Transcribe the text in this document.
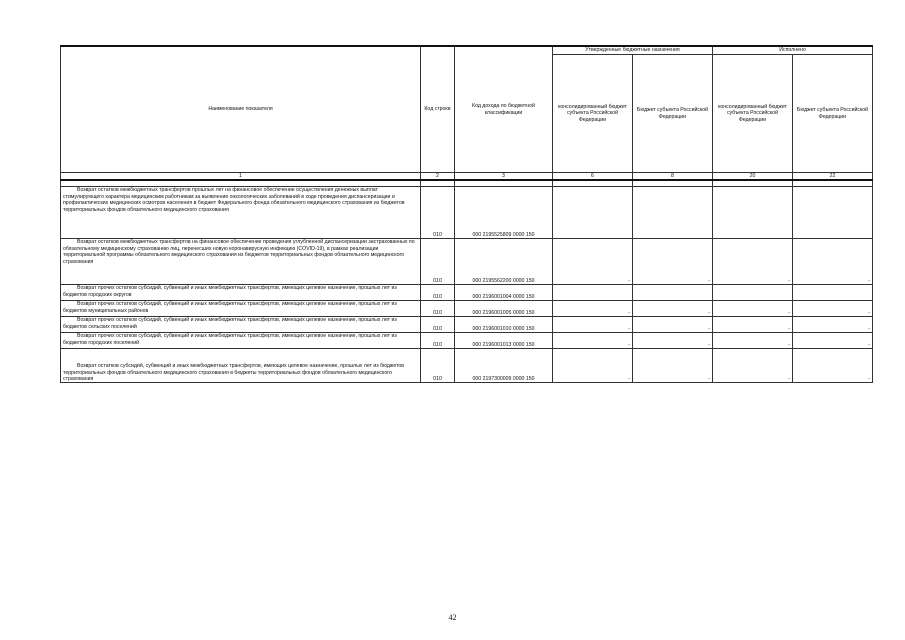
Наименование показателя	Код строки	Код дохода по бюджетной классификации	Утвержденные бюджетные назначения		Исполнено	
			консолидированный бюджет субъекта Российской Федерации	Бюджет субъекта Российской Федерации	консолидированный бюджет субъекта Российской Федерации	Бюджет субъекта Российской Федерации
1	2	3	6	8	20	22

Возврат остатков межбюджетных трансфертов прошлых лет на финансовое обеспечение осуществления денежных выплат стимулирующего характера медицинским работникам за выявление онкологических заболеваний в ходе проведения диспансеризации и профилактических медицинских осмотров населения в бюджет Федерального фонда обязательного медицинского страхования из бюджетов территориальных фондов обязательного медицинского страхования	010	000 2195525809 0000 150				
Возврат остатков межбюджетных трансфертов на финансовое обеспечение проведения углубленной диспансеризации застрахованных по обязательному медицинскому страхованию лиц, перенесших новую коронавирусную инфекцию (COVID-19), в рамках реализации территориальной программы обязательного медицинского страхования из бюджетов территориальных фондов обязательного медицинского страхования	010	000 2195562200 0000 150	-	-	-	-
Возврат прочих остатков субсидий, субвенций и иных межбюджетных трансфертов, имеющих целевое назначение, прошлых лет из бюджетов городских округов	010	000 2196001004 0000 150				
Возврат прочих остатков субсидий, субвенций и иных межбюджетных трансфертов, имеющих целевое назначение, прошлых лет из бюджетов муниципальных районов	010	000 2196001005 0000 150	-	-	-	-
Возврат прочих остатков субсидий, субвенций и иных межбюджетных трансфертов, имеющих целевое назначение, прошлых лет из бюджетов сельских поселений	010	000 2196001010 0000 150	-	-	-	-
Возврат прочих остатков субсидий, субвенций и иных межбюджетных трансфертов, имеющих целевое назначение, прошлых лет из бюджетов городских поселений	010	000 2196001013 0000 150	-	-	-	-
Возврат остатков субсидий, субвенций и иных межбюджетных трансфертов, имеющих целевое назначение, прошлых лет из бюджетов территориальных фондов обязательного медицинского страхования в бюджеты территориальных фондов обязательного медицинского страхования	010	000 2197300009 0000 150	-	-	-	-
42
